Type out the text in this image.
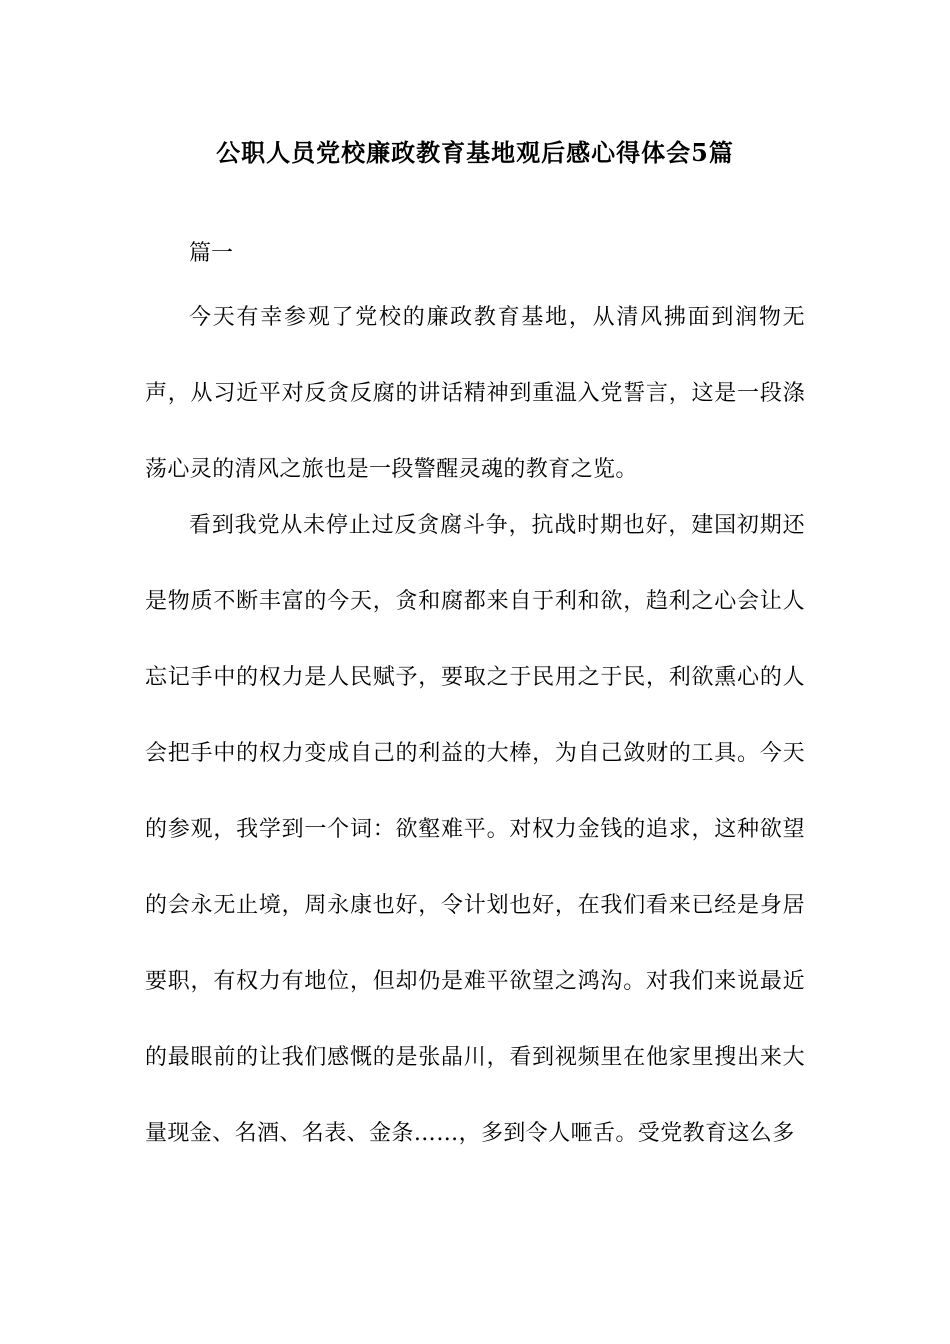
公职人员党校廉政教育基地观后感心得体会5篇

篇一

今天有幸参观了党校的廉政教育基地，从清风拂面到润物无声，从习近平对反贪反腐的讲话精神到重温入党誓言，这是一段涤荡心灵的清风之旅也是一段警醒灵魂的教育之览。

看到我党从未停止过反贪腐斗争，抗战时期也好，建国初期还是物质不断丰富的今天，贪和腐都来自于利和欲，趋利之心会让人忘记手中的权力是人民赋予，要取之于民用之于民，利欲熏心的人会把手中的权力变成自己的利益的大棒，为自己敛财的工具。今天的参观，我学到一个词：欲壑难平。对权力金钱的追求，这种欲望的会永无止境，周永康也好，令计划也好，在我们看来已经是身居要职，有权力有地位，但却仍是难平欲望之鸿沟。对我们来说最近的最眼前的让我们感慨的是张晶川，看到视频里在他家里搜出来大量现金、名酒、名表、金条……，多到令人咂舌。受党教育这么多
